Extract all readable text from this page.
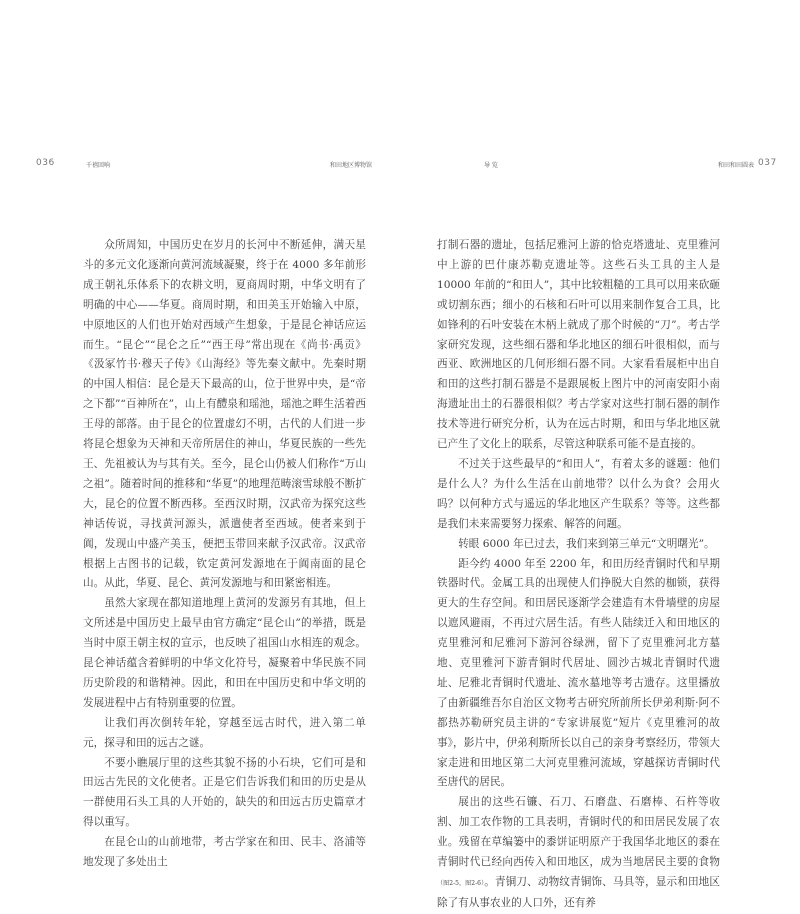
036	千禧回响	和田地区博物馆

众所周知，中国历史在岁月的长河中不断延伸，满天星斗的多元文化逐渐向黄河流域凝聚，终于在 4000 多年前形成王朝礼乐体系下的农耕文明，夏商周时期，中华文明有了明确的中心——华夏。商周时期，和田美玉开始输入中原，中原地区的人们也开始对西域产生想象，于是昆仑神话应运而生。“昆仑”“昆仑之丘”“西王母”常出现在《尚书·禹贡》《汲冢竹书·穆天子传》《山海经》等先秦文献中。先秦时期的中国人相信：昆仑是天下最高的山，位于世界中央，是“帝之下都”“百神所在”，山上有醴泉和瑶池，瑶池之畔生活着西王母的部落。由于昆仑的位置虚幻不明，古代的人们进一步将昆仑想象为天神和天帝所居住的神山，华夏民族的一些先王、先祖被认为与其有关。至今，昆仑山仍被人们称作“万山之祖”。随着时间的推移和“华夏”的地理范畴滚雪球般不断扩大，昆仑的位置不断西移。至西汉时期，汉武帝为探究这些神话传说，寻找黄河源头，派遣使者至西域。使者来到于阗，发现山中盛产美玉，便把玉带回来献予汉武帝。汉武帝根据上古图书的记载，钦定黄河发源地在于阗南面的昆仑山。从此，华夏、昆仑、黄河发源地与和田紧密相连。

虽然大家现在都知道地理上黄河的发源另有其地，但上文所述是中国历史上最早由官方确定“昆仑山”的举措，既是当时中原王朝主权的宣示，也反映了祖国山水相连的观念。昆仑神话蕴含着鲜明的中华文化符号，凝聚着中华民族不同历史阶段的和谐精神。因此，和田在中国历史和中华文明的发展进程中占有特别重要的位置。

让我们再次倒转年轮，穿越至远古时代，进入第二单元，探寻和田的远古之谜。

不要小瞧展厅里的这些其貌不扬的小石块，它们可是和田远古先民的文化使者。正是它们告诉我们和田的历史是从一群使用石头工具的人开始的，缺失的和田远古历史篇章才得以重写。

在昆仑山的山前地带，考古学家在和田、民丰、洛浦等地发现了多处出土

导 览	和田和田圆表 037

打制石器的遗址，包括尼雅河上游的恰克塔遗址、克里雅河中上游的巴什康苏勒克遗址等。这些石头工具的主人是 10000 年前的“和田人”，其中比较粗糙的工具可以用来砍砸或切割东西；细小的石核和石叶可以用来制作复合工具，比如锋利的石叶安装在木柄上就成了那个时候的“刀”。考古学家研究发现，这些细石器和华北地区的细石叶很相似，而与西亚、欧洲地区的几何形细石器不同。大家看看展柜中出自和田的这些打制石器是不是跟展板上图片中的河南安阳小南海遗址出土的石器很相似？考古学家对这些打制石器的制作技术等进行研究分析，认为在远古时期，和田与华北地区就已产生了文化上的联系，尽管这种联系可能不是直接的。

不过关于这些最早的“和田人”，有着太多的谜题：他们是什么人？为什么生活在山前地带？以什么为食？会用火吗？以何种方式与遥远的华北地区产生联系？等等。这些都是我们未来需要努力探索、解答的问题。

转眼 6000 年已过去，我们来到第三单元“文明曙光”。

距今约 4000 年至 2200 年，和田历经青铜时代和早期铁器时代。金属工具的出现使人们挣脱大自然的枷锁，获得更大的生存空间。和田居民逐渐学会建造有木骨墙壁的房屋以遮风避雨，不再过穴居生活。有些人陆续迁入和田地区的克里雅河和尼雅河下游河谷绿洲，留下了克里雅河北方墓地、克里雅河下游青铜时代居址、圆沙古城北青铜时代遗址、尼雅北青铜时代遗址、流水墓地等考古遗存。这里播放了由新疆维吾尔自治区文物考古研究所前所长伊弟利斯·阿不都热苏勒研究员主讲的“专家讲展览”短片《克里雅河的故事》，影片中，伊弟利斯所长以自己的亲身考察经历，带领大家走进和田地区第二大河克里雅河流域，穿越探访青铜时代至唐代的居民。

展出的这些石镰、石刀、石磨盘、石磨棒、石杵等收割、加工农作物的工具表明，青铜时代的和田居民发展了农业。残留在草编篓中的黍饼证明原产于我国华北地区的黍在青铜时代已经向西传入和田地区，成为当地居民主要的食物（图2-5，图2-6）。青铜刀、动物纹青铜饰、马具等，显示和田地区除了有从事农业的人口外，还有养
